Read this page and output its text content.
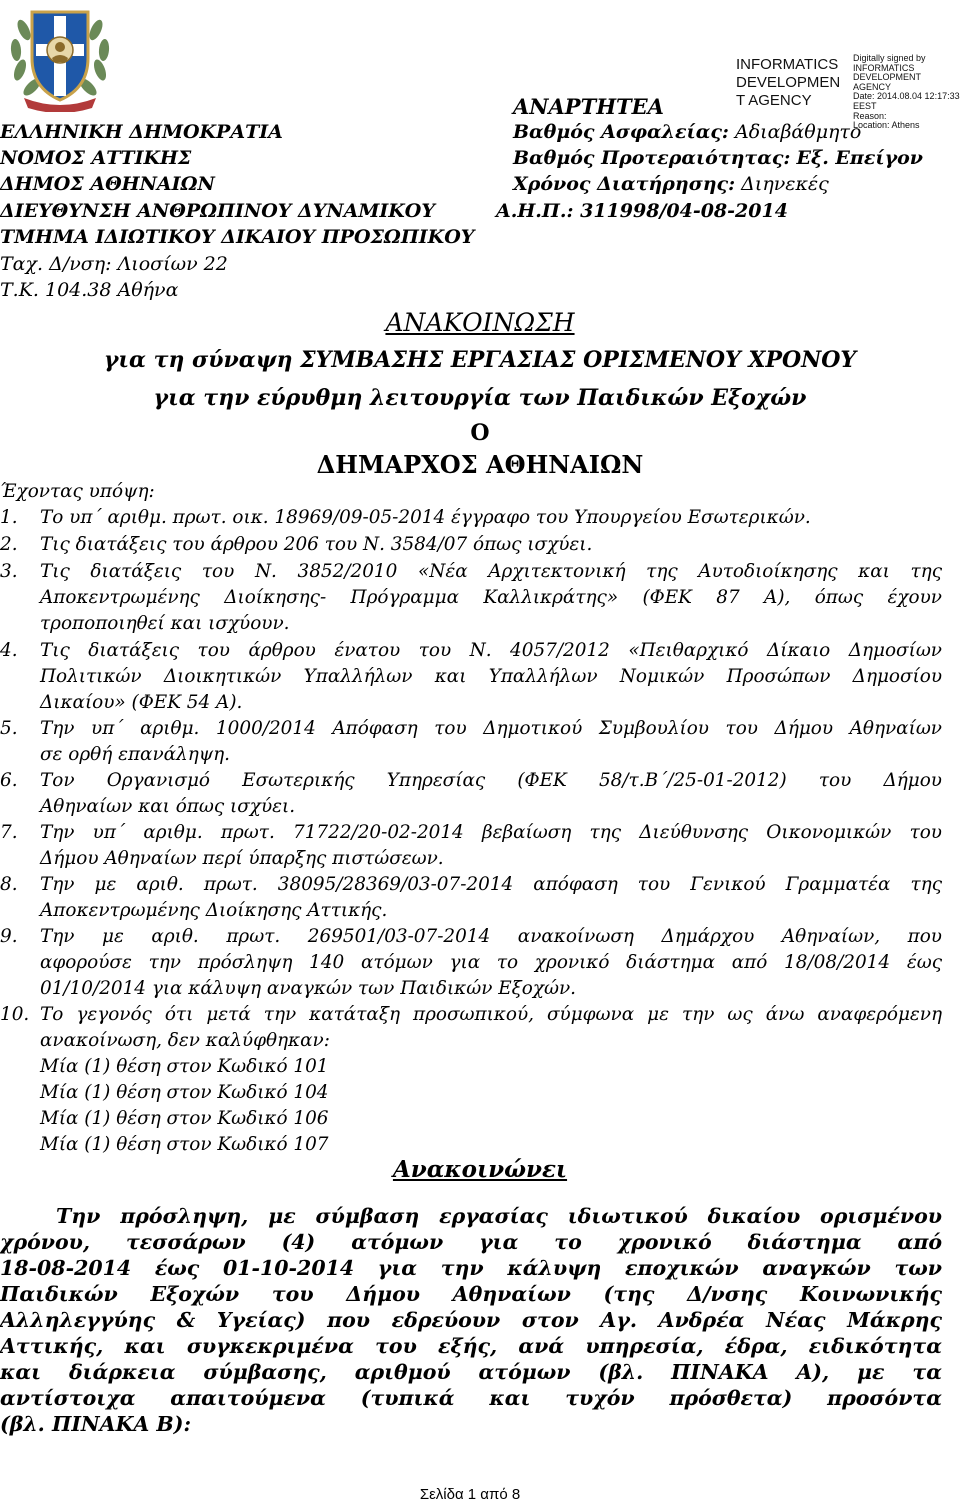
INFORMATICS
DEVELOPMEN
T AGENCY
Digitally signed by
INFORMATICS
DEVELOPMENT AGENCY
Date: 2014.08.04 12:17:33
EEST
Reason:
Location: Athens
ΑΝΑΡΤΗΤΕΑ
ΕΛΛΗΝΙΚΗ ΔΗΜΟΚΡΑΤΙΑ
ΝΟΜΟΣ ΑΤΤΙΚΗΣ
ΔΗΜΟΣ ΑΘΗΝΑΙΩΝ
ΔΙΕΥΘΥΝΣΗ ΑΝΘΡΩΠΙΝΟΥ ΔΥΝΑΜΙΚΟΥ
ΤΜΗΜΑ ΙΔΙΩΤΙΚΟΥ ΔΙΚΑΙΟΥ ΠΡΟΣΩΠΙΚΟΥ
Ταχ. Δ/νση: Λιοσίων 22
Τ.Κ. 104.38 Αθήνα
Βαθμός Ασφαλείας: Αδιαβάθμητο
Βαθμός Προτεραιότητας: Εξ. Επείγον
Χρόνος Διατήρησης: Διηνεκές
Α.Η.Π.: 311998/04-08-2014
ΑΝΑΚΟΙΝΩΣΗ
για τη σύναψη ΣΥΜΒΑΣΗΣ ΕΡΓΑΣΙΑΣ ΟΡΙΣΜΕΝΟΥ ΧΡΟΝΟΥ
για την εύρυθμη λειτουργία των Παιδικών Εξοχών
Ο
ΔΗΜΑΡΧΟΣ ΑΘΗΝΑΙΩΝ
Έχοντας υπόψη:
1. Το υπ΄ αριθμ. πρωτ. οικ. 18969/09-05-2014 έγγραφο του Υπουργείου Εσωτερικών.
2. Τις διατάξεις του άρθρου 206 του Ν. 3584/07 όπως ισχύει.
3. Τις διατάξεις του Ν. 3852/2010 «Νέα Αρχιτεκτονική της Αυτοδιοίκησης και της
Αποκεντρωμένης Διοίκησης- Πρόγραμμα Καλλικράτης» (ΦΕΚ 87 Α), όπως έχουν
τροποποιηθεί και ισχύουν.
4. Τις διατάξεις του άρθρου ένατου του Ν. 4057/2012 «Πειθαρχικό Δίκαιο Δημοσίων
Πολιτικών Διοικητικών Υπαλλήλων και Υπαλλήλων Νομικών Προσώπων Δημοσίου
Δικαίου» (ΦΕΚ 54 Α).
5. Την υπ΄ αριθμ. 1000/2014 Απόφαση του Δημοτικού Συμβουλίου του Δήμου Αθηναίων
σε ορθή επανάληψη.
6. Τον Οργανισμό Εσωτερικής Υπηρεσίας (ΦΕΚ 58/τ.Β΄/25-01-2012) του Δήμου
Αθηναίων και όπως ισχύει.
7. Την υπ΄ αριθμ. πρωτ. 71722/20-02-2014 βεβαίωση της Διεύθυνσης Οικονομικών του
Δήμου Αθηναίων περί ύπαρξης πιστώσεων.
8. Την με αριθ. πρωτ. 38095/28369/03-07-2014 απόφαση του Γενικού Γραμματέα της
Αποκεντρωμένης Διοίκησης Αττικής.
9. Την με αριθ. πρωτ. 269501/03-07-2014 ανακοίνωση Δημάρχου Αθηναίων, που
αφορούσε την πρόσληψη 140 ατόμων για το χρονικό διάστημα από 18/08/2014 έως
01/10/2014 για κάλυψη αναγκών των Παιδικών Εξοχών.
10. Το γεγονός ότι μετά την κατάταξη προσωπικού, σύμφωνα με την ως άνω αναφερόμενη
ανακοίνωση, δεν καλύφθηκαν:
Μία (1) θέση στον Κωδικό 101
Μία (1) θέση στον Κωδικό 104
Μία (1) θέση στον Κωδικό 106
Μία (1) θέση στον Κωδικό 107
Ανακοινώνει
Την πρόσληψη, με σύμβαση εργασίας ιδιωτικού δικαίου ορισμένου
χρόνου, τεσσάρων (4) ατόμων για το χρονικό διάστημα από
18-08-2014 έως 01-10-2014 για την κάλυψη εποχικών αναγκών των
Παιδικών Εξοχών του Δήμου Αθηναίων (της Δ/νσης Κοινωνικής
Αλληλεγγύης & Υγείας) που εδρεύουν στον Αγ. Ανδρέα Νέας Μάκρης
Αττικής, και συγκεκριμένα του εξής, ανά υπηρεσία, έδρα, ειδικότητα
και διάρκεια σύμβασης, αριθμού ατόμων (βλ. ΠΙΝΑΚΑ Α), με τα
αντίστοιχα απαιτούμενα (τυπικά και τυχόν πρόσθετα) προσόντα
(βλ. ΠΙΝΑΚΑ Β):
Σελίδα 1 από 8
